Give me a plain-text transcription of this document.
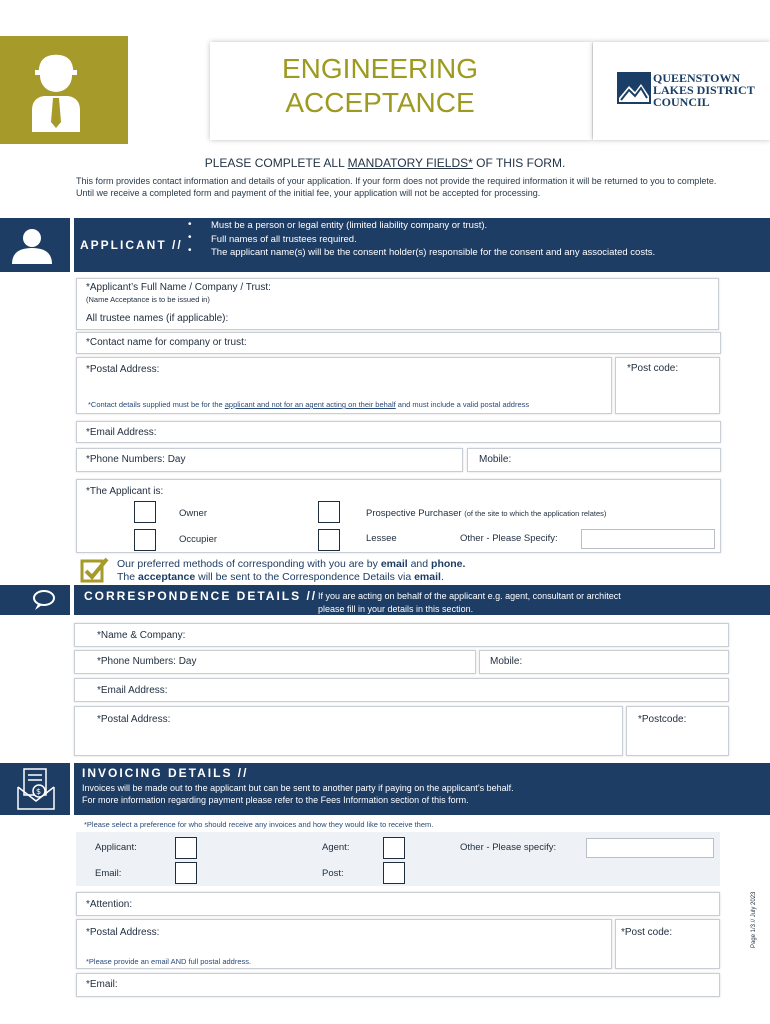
ENGINEERING
ACCEPTANCE
QUEENSTOWN
LAKES DISTRICT
COUNCIL
PLEASE COMPLETE ALL MANDATORY FIELDS* OF THIS FORM.
This form provides contact information and details of your application. If your form does not provide the required information it will be returned to you to complete. Until we receive a completed form and payment of the initial fee, your application will not be accepted for processing.
APPLICANT //
•
•
•
Must be a person or legal entity (limited liability company or trust).
Full names of all trustees required.
The applicant name(s) will be the consent holder(s) responsible for the consent and any associated costs.
*Applicant’s Full Name / Company / Trust:
(Name Acceptance is to be issued in)
All trustee names (if applicable):
*Contact name for company or trust:
*Postal Address:	*Post code:
*Contact details supplied must be for the applicant and not for an agent acting on their behalf and must include a valid postal address
*Email Address:
*Phone Numbers: Day	Mobile:
*The Applicant is:
Owner	Prospective Purchaser (of the site to which the application relates)
Occupier	Lessee	Other - Please Specify:
Our preferred methods of corresponding with you are by email and phone.
The acceptance will be sent to the Correspondence Details via email.
CORRESPONDENCE DETAILS // If you are acting on behalf of the applicant e.g. agent, consultant or architect
please fill in your details in this section.
*Name & Company:
*Phone Numbers: Day	Mobile:
*Email Address:
*Postal Address:	*Postcode:
$
INVOICING DETAILS //
Invoices will be made out to the applicant but can be sent to another party if paying on the applicant’s behalf.
For more information regarding payment please refer to the Fees Information section of this form.
*Please select a preference for who should receive any invoices and how they would like to receive them.
Applicant:	Agent:	Other - Please specify:
Email:	Post:
*Attention:
*Postal Address:	*Post code:
*Please provide an email AND full postal address.
*Email:
Page 1/3 // July 2023
